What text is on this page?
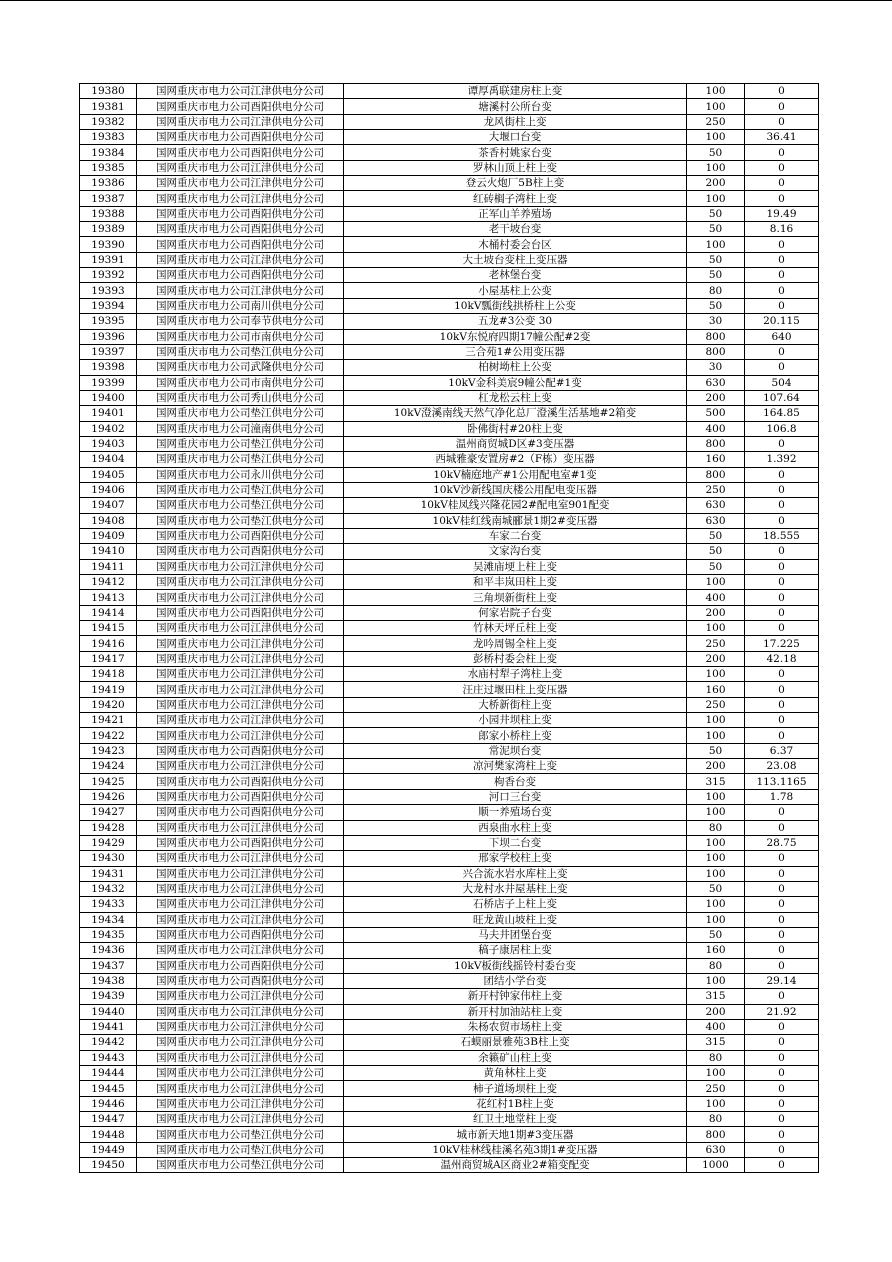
19380	国网重庆市电力公司江津供电分公司	谭厚禹联建房柱上变	100	0
19381	国网重庆市电力公司酉阳供电分公司	塘溪村公所台变	100	0
19382	国网重庆市电力公司江津供电分公司	龙风街柱上变	250	0
19383	国网重庆市电力公司酉阳供电分公司	大堰口台变	100	36.41
19384	国网重庆市电力公司酉阳供电分公司	茶香村姚家台变	50	0
19385	国网重庆市电力公司江津供电分公司	罗林山顶上柱上变	100	0
19386	国网重庆市电力公司江津供电分公司	登云火炮厂5B柱上变	200	0
19387	国网重庆市电力公司江津供电分公司	红砖榈子湾柱上变	100	0
19388	国网重庆市电力公司酉阳供电分公司	正军山羊养殖场	50	19.49
19389	国网重庆市电力公司酉阳供电分公司	老干坡台变	50	8.16
19390	国网重庆市电力公司酉阳供电分公司	木桶村委会台区	100	0
19391	国网重庆市电力公司江津供电分公司	大土坡台变柱上变压器	50	0
19392	国网重庆市电力公司酉阳供电分公司	老林堡台变	50	0
19393	国网重庆市电力公司江津供电分公司	小屋基柱上公变	80	0
19394	国网重庆市电力公司南川供电分公司	10kV瓢街线拱桥柱上公变	50	0
19395	国网重庆市电力公司奉节供电分公司	五龙#3公变 30	30	20.115
19396	国网重庆市电力公司市南供电分公司	10kV东悦府四期17幢公配#2变	800	640
19397	国网重庆市电力公司垫江供电分公司	三合苑1#公用变压器	800	0
19398	国网重庆市电力公司武隆供电分公司	柏树坳柱上公变	30	0
19399	国网重庆市电力公司市南供电分公司	10kV金科美宸9幢公配#1变	630	504
19400	国网重庆市电力公司秀山供电分公司	杠龙松云柱上变	200	107.64
19401	国网重庆市电力公司垫江供电分公司	10kV澄溪南线天然气净化总厂澄溪生活基地#2箱变	500	164.85
19402	国网重庆市电力公司潼南供电分公司	卧佛街村#20柱上变	400	106.8
19403	国网重庆市电力公司垫江供电分公司	温州商贸城D区#3变压器	800	0
19404	国网重庆市电力公司垫江供电分公司	西城雅豪安置房#2（F栋）变压器	160	1.392
19405	国网重庆市电力公司永川供电分公司	10kV楠庭地产#1公用配电室#1变	800	0
19406	国网重庆市电力公司垫江供电分公司	10kV沙新线国庆楼公用配电变压器	250	0
19407	国网重庆市电力公司垫江供电分公司	10kV桂凤线兴隆花园2#配电室901配变	630	0
19408	国网重庆市电力公司垫江供电分公司	10kV桂红线南城郦景1期2#变压器	630	0
19409	国网重庆市电力公司酉阳供电分公司	车家二台变	50	18.555
19410	国网重庆市电力公司酉阳供电分公司	文家沟台变	50	0
19411	国网重庆市电力公司江津供电分公司	吴滩庙埂上柱上变	50	0
19412	国网重庆市电力公司江津供电分公司	和平丰岚田柱上变	100	0
19413	国网重庆市电力公司江津供电分公司	三角坝新街柱上变	400	0
19414	国网重庆市电力公司酉阳供电分公司	何家岩院子台变	200	0
19415	国网重庆市电力公司江津供电分公司	竹林天坪丘柱上变	100	0
19416	国网重庆市电力公司江津供电分公司	龙吟周锡全柱上变	250	17.225
19417	国网重庆市电力公司江津供电分公司	彭桥村委会柱上变	200	42.18
19418	国网重庆市电力公司江津供电分公司	水庙村犁子湾柱上变	100	0
19419	国网重庆市电力公司江津供电分公司	汪庄过堰田柱上变压器	160	0
19420	国网重庆市电力公司江津供电分公司	大桥新街柱上变	250	0
19421	国网重庆市电力公司江津供电分公司	小园井坝柱上变	100	0
19422	国网重庆市电力公司江津供电分公司	郎家小桥柱上变	100	0
19423	国网重庆市电力公司酉阳供电分公司	常泥坝台变	50	6.37
19424	国网重庆市电力公司江津供电分公司	凉河樊家湾柱上变	200	23.08
19425	国网重庆市电力公司酉阳供电分公司	枸香台变	315	113.1165
19426	国网重庆市电力公司酉阳供电分公司	河口三台变	100	1.78
19427	国网重庆市电力公司酉阳供电分公司	顺一养殖场台变	100	0
19428	国网重庆市电力公司江津供电分公司	西泉曲水柱上变	80	0
19429	国网重庆市电力公司酉阳供电分公司	下坝二台变	100	28.75
19430	国网重庆市电力公司江津供电分公司	邢家学校柱上变	100	0
19431	国网重庆市电力公司江津供电分公司	兴合流水岩水库柱上变	100	0
19432	国网重庆市电力公司江津供电分公司	大龙村水井屋基柱上变	50	0
19433	国网重庆市电力公司江津供电分公司	石桥店子上柱上变	100	0
19434	国网重庆市电力公司江津供电分公司	旺龙黄山坡柱上变	100	0
19435	国网重庆市电力公司酉阳供电分公司	马夫井团堡台变	50	0
19436	国网重庆市电力公司江津供电分公司	稿子康居柱上变	160	0
19437	国网重庆市电力公司酉阳供电分公司	10kV板街线摇铃村委台变	80	0
19438	国网重庆市电力公司酉阳供电分公司	团结小学台变	100	29.14
19439	国网重庆市电力公司江津供电分公司	新开村钟家伟柱上变	315	0
19440	国网重庆市电力公司江津供电分公司	新开村加油站柱上变	200	21.92
19441	国网重庆市电力公司江津供电分公司	朱杨农贸市场柱上变	400	0
19442	国网重庆市电力公司江津供电分公司	石蟆丽景雅苑3B柱上变	315	0
19443	国网重庆市电力公司江津供电分公司	余籁矿山柱上变	80	0
19444	国网重庆市电力公司江津供电分公司	黄角林柱上变	100	0
19445	国网重庆市电力公司江津供电分公司	柿子道场坝柱上变	250	0
19446	国网重庆市电力公司江津供电分公司	花红村1B柱上变	100	0
19447	国网重庆市电力公司江津供电分公司	红卫土地堂柱上变	80	0
19448	国网重庆市电力公司垫江供电分公司	城市新天地1期#3变压器	800	0
19449	国网重庆市电力公司垫江供电分公司	10kV桂林线桂溪名苑3期1#变压器	630	0
19450	国网重庆市电力公司垫江供电分公司	温州商贸城A区商业2#箱变配变	1000	0
